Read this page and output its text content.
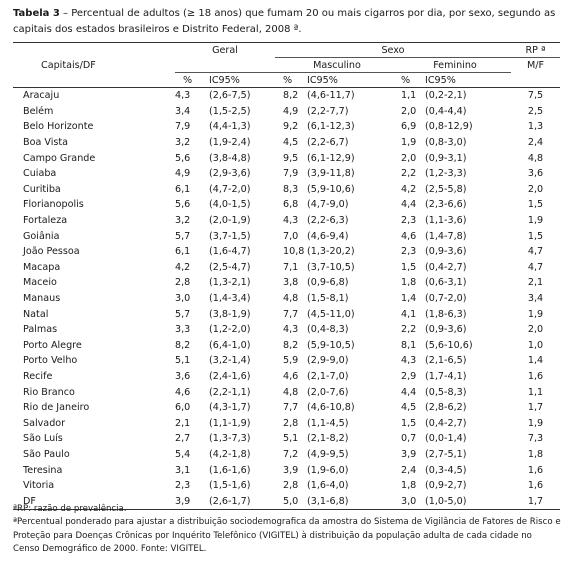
Tabela 3 – Percentual de adultos (≥ 18 anos) que fumam 20 ou mais cigarros por dia, por sexo, segundo as capitais dos estados brasileiros e Distrito Federal, 2008 ª.
	Geral		Sexo				RP ª
Capitais/DF			Masculino		Feminino		M/F
	%	IC95%	%	IC95%	%	IC95%	
Aracaju	4,3	(2,6-7,5)	8,2	(4,6-11,7)	1,1	(0,2-2,1)	7,5
Belém	3,4	(1,5-2,5)	4,9	(2,2-7,7)	2,0	(0,4-4,4)	2,5
Belo Horizonte	7,9	(4,4-1,3)	9,2	(6,1-12,3)	6,9	(0,8-12,9)	1,3
Boa Vista	3,2	(1,9-2,4)	4,5	(2,2-6,7)	1,9	(0,8-3,0)	2,4
Campo Grande	5,6	(3,8-4,8)	9,5	(6,1-12,9)	2,0	(0,9-3,1)	4,8
Cuiaba	4,9	(2,9-3,6)	7,9	(3,9-11,8)	2,2	(1,2-3,3)	3,6
Curitiba	6,1	(4,7-2,0)	8,3	(5,9-10,6)	4,2	(2,5-5,8)	2,0
Florianopolis	5,6	(4,0-1,5)	6,8	(4,7-9,0)	4,4	(2,3-6,6)	1,5
Fortaleza	3,2	(2,0-1,9)	4,3	(2,2-6,3)	2,3	(1,1-3,6)	1,9
Goiânia	5,7	(3,7-1,5)	7,0	(4,6-9,4)	4,6	(1,4-7,8)	1,5
João Pessoa	6,1	(1,6-4,7)	10,8	(1,3-20,2)	2,3	(0,9-3,6)	4,7
Macapa	4,2	(2,5-4,7)	7,1	(3,7-10,5)	1,5	(0,4-2,7)	4,7
Maceio	2,8	(1,3-2,1)	3,8	(0,9-6,8)	1,8	(0,6-3,1)	2,1
Manaus	3,0	(1,4-3,4)	4,8	(1,5-8,1)	1,4	(0,7-2,0)	3,4
Natal	5,7	(3,8-1,9)	7,7	(4,5-11,0)	4,1	(1,8-6,3)	1,9
Palmas	3,3	(1,2-2,0)	4,3	(0,4-8,3)	2,2	(0,9-3,6)	2,0
Porto Alegre	8,2	(6,4-1,0)	8,2	(5,9-10,5)	8,1	(5,6-10,6)	1,0
Porto Velho	5,1	(3,2-1,4)	5,9	(2,9-9,0)	4,3	(2,1-6,5)	1,4
Recife	3,6	(2,4-1,6)	4,6	(2,1-7,0)	2,9	(1,7-4,1)	1,6
Rio Branco	4,6	(2,2-1,1)	4,8	(2,0-7,6)	4,4	(0,5-8,3)	1,1
Rio de Janeiro	6,0	(4,3-1,7)	7,7	(4,6-10,8)	4,5	(2,8-6,2)	1,7
Salvador	2,1	(1,1-1,9)	2,8	(1,1-4,5)	1,5	(0,4-2,7)	1,9
São Luís	2,7	(1,3-7,3)	5,1	(2,1-8,2)	0,7	(0,0-1,4)	7,3
São Paulo	5,4	(4,2-1,8)	7,2	(4,9-9,5)	3,9	(2,7-5,1)	1,8
Teresina	3,1	(1,6-1,6)	3,9	(1,9-6,0)	2,4	(0,3-4,5)	1,6
Vitoria	2,3	(1,5-1,6)	2,8	(1,6-4,0)	1,8	(0,9-2,7)	1,6
DF	3,9	(2,6-1,7)	5,0	(3,1-6,8)	3,0	(1,0-5,0)	1,7
ªRP: razão de prevalência.
ªPercentual ponderado para ajustar a distribuição sociodemografica da amostra do Sistema de Vigilância de Fatores de Risco e Proteção para Doenças Crônicas por Inquérito Telefônico (VIGITEL) à distribuição da população adulta de cada cidade no Censo Demográfico de 2000. Fonte: VIGITEL.
